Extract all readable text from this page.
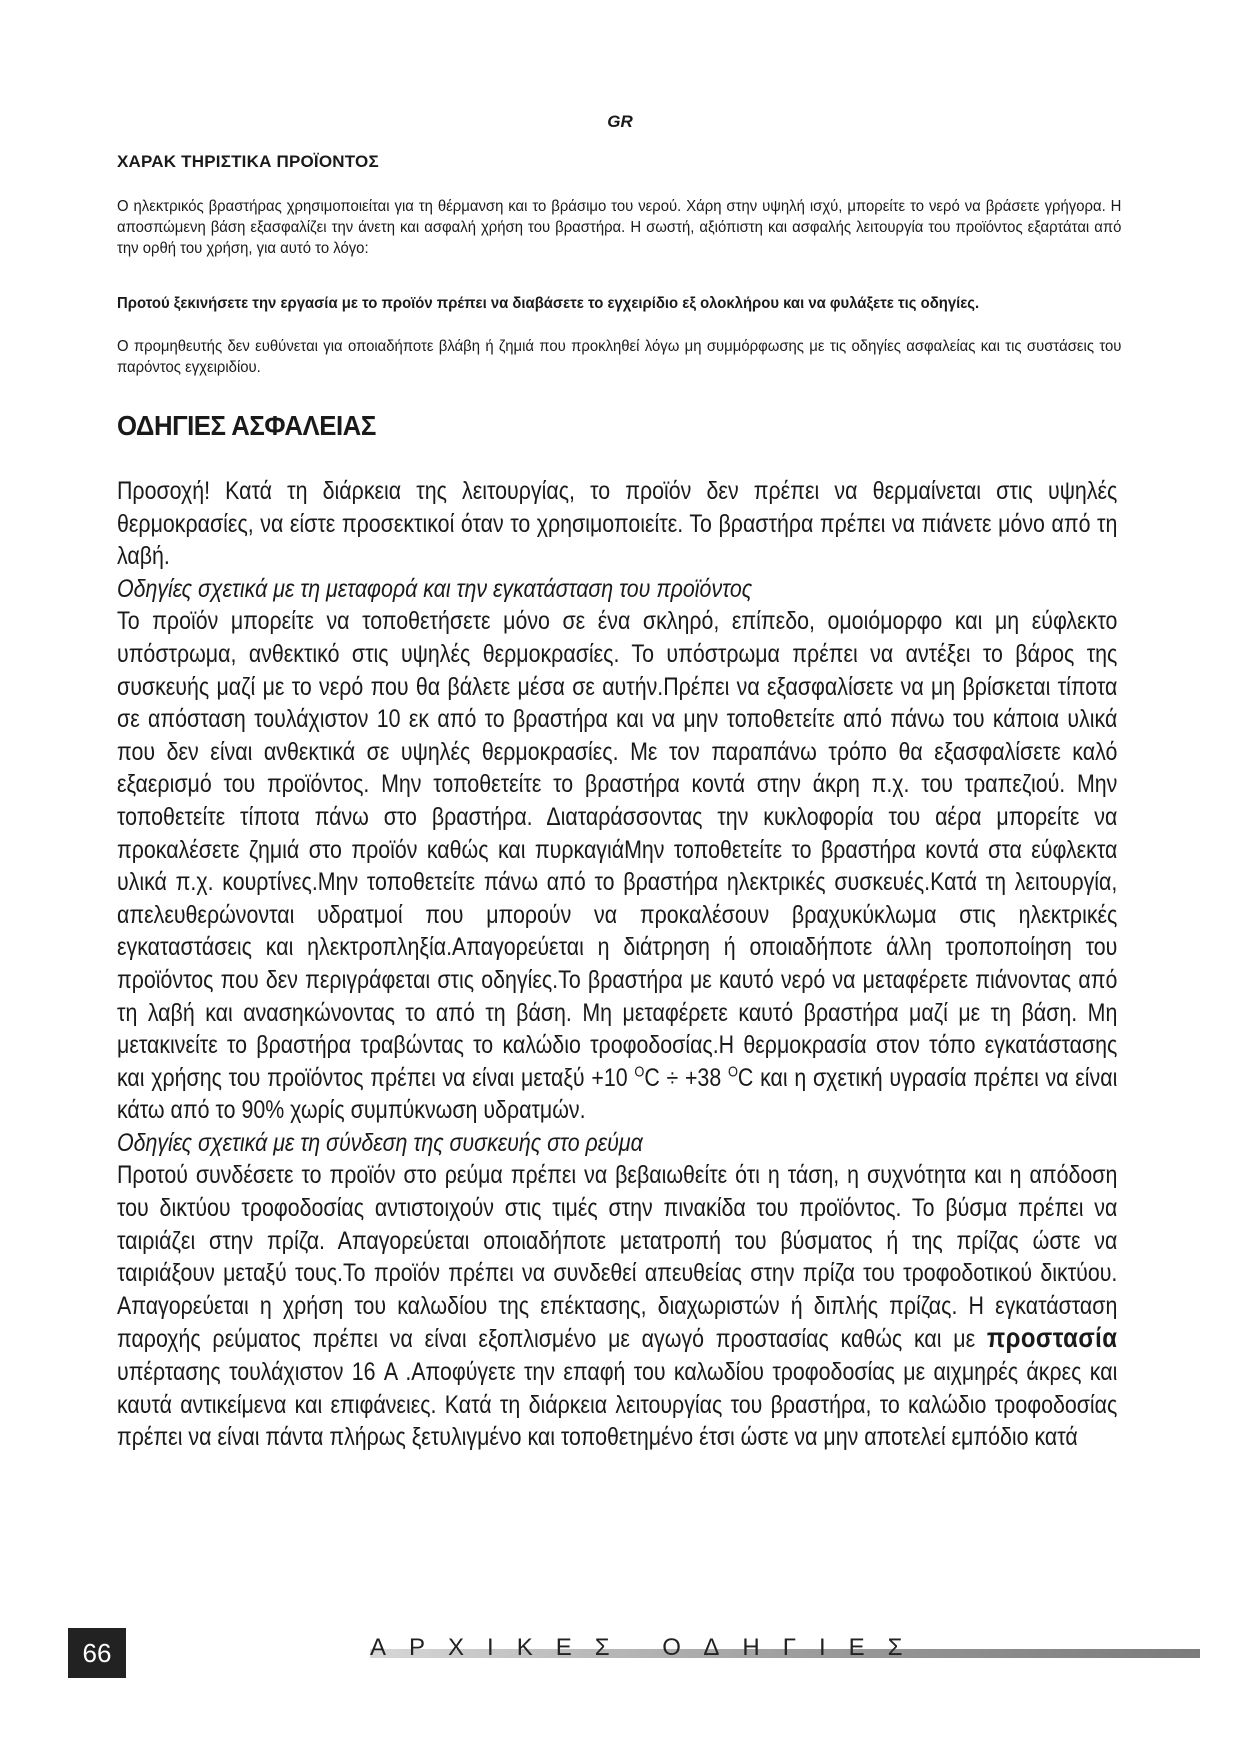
GR
ΧΑΡΑΚ ΤΗΡΙΣΤΙΚΑ ΠΡΟΪΟΝΤΟΣ
Ο ηλεκτρικός βραστήρας χρησιμοποιείται για τη θέρμανση και το βράσιμο του νερού. Χάρη στην υψηλή ισχύ, μπορείτε το νερό να βράσετε γρήγορα. Η αποσπώμενη βάση εξασφαλίζει την άνετη και ασφαλή χρήση του βραστήρα. Η σωστή, αξιόπιστη και ασφαλής λειτουργία του προϊόντος εξαρτάται από την ορθή του χρήση, για αυτό το λόγο:
Προτού ξεκινήσετε την εργασία με το προϊόν πρέπει να διαβάσετε το εγχειρίδιο εξ ολοκλήρου και να φυλάξετε τις οδηγίες.
Ο προμηθευτής δεν ευθύνεται για οποιαδήποτε βλάβη ή ζημιά που προκληθεί λόγω μη συμμόρφωσης με τις οδηγίες ασφαλείας και τις συστάσεις του παρόντος εγχειριδίου.
ΟΔΗΓΙΕΣ ΑΣΦΑΛΕΙΑΣ

Προσοχή! Κατά τη διάρκεια της λειτουργίας, το προϊόν δεν πρέπει να θερμαίνεται στις υψηλές θερμοκρασίες, να είστε προσεκτικοί όταν το χρησιμοποιείτε. Το βραστήρα πρέπει να πιάνετε μόνο από τη λαβή.

Οδηγίες σχετικά με τη μεταφορά και την εγκατάσταση του προϊόντος

Το προϊόν μπορείτε να τοποθετήσετε μόνο σε ένα σκληρό, επίπεδο, ομοιόμορφο και μη εύφλεκτο υπόστρωμα, ανθεκτικό στις υψηλές θερμοκρασίες. Το υπόστρωμα πρέπει να αντέξει το βάρος της συσκευής μαζί με το νερό που θα βάλετε μέσα σε αυτήν.Πρέπει να εξασφαλίσετε να μη βρίσκεται τίποτα σε απόσταση τουλάχιστον 10 εκ από το βραστήρα και να μην τοποθετείτε από πάνω του κάποια υλικά που δεν είναι ανθεκτικά σε υψηλές θερμοκρασίες. Με τον παραπάνω τρόπο θα εξασφαλίσετε καλό εξαερισμό του προϊόντος. Μην τοποθετείτε το βραστήρα κοντά στην άκρη π.χ. του τραπεζιού. Μην τοποθετείτε τίποτα πάνω στο βραστήρα. Διαταράσσοντας την κυκλοφορία του αέρα μπορείτε να προκαλέσετε ζημιά στο προϊόν καθώς και πυρκαγιάΜην τοποθετείτε το βραστήρα κοντά στα εύφλεκτα υλικά π.χ. κουρτίνες.Μην τοποθετείτε πάνω από το βραστήρα ηλεκτρικές συσκευές.Κατά τη λειτουργία, απελευθερώνονται υδρατμοί που μπορούν να προκαλέσουν βραχυκύκλωμα στις ηλεκτρικές εγκαταστάσεις και ηλεκτροπληξία.Απαγορεύεται η διάτρηση ή οποιαδήποτε άλλη τροποποίηση του προϊόντος που δεν περιγράφεται στις οδηγίες.Το βραστήρα με καυτό νερό να μεταφέρετε πιάνοντας από τη λαβή και ανασηκώνοντας το από τη βάση. Μη μεταφέρετε καυτό βραστήρα μαζί με τη βάση. Μη μετακινείτε το βραστήρα τραβώντας το καλώδιο τροφοδοσίας.Η θερμοκρασία στον τόπο εγκατάστασης και χρήσης του προϊόντος πρέπει να είναι μεταξύ +10 $^O$C ÷ +38 $^O$C και η σχετική υγρασία πρέπει να είναι κάτω από το 90% χωρίς συμπύκνωση υδρατμών.

Οδηγίες σχετικά με τη σύνδεση της συσκευής στο ρεύμα

Προτού συνδέσετε το προϊόν στο ρεύμα πρέπει να βεβαιωθείτε ότι η τάση, η συχνότητα και η απόδοση του δικτύου τροφοδοσίας αντιστοιχούν στις τιμές στην πινακίδα του προϊόντος. Το βύσμα πρέπει να ταιριάζει στην πρίζα. Απαγορεύεται οποιαδήποτε μετατροπή του βύσματος ή της πρίζας ώστε να ταιριάξουν μεταξύ τους.Το προϊόν πρέπει να συνδεθεί απευθείας στην πρίζα του τροφοδοτικού δικτύου. Απαγορεύεται η χρήση του καλωδίου της επέκτασης, διαχωριστών ή διπλής πρίζας. Η εγκατάσταση παροχής ρεύματος πρέπει να είναι εξοπλισμένο με αγωγό προστασίας καθώς και με προστασία υπέρτασης τουλάχιστον 16 A .Αποφύγετε την επαφή του καλωδίου τροφοδοσίας με αιχμηρές άκρες και καυτά αντικείμενα και επιφάνειες. Κατά τη διάρκεια λειτουργίας του βραστήρα, το καλώδιο τροφοδοσίας πρέπει να είναι πάντα πλήρως ξετυλιγμένο και τοποθετημένο έτσι ώστε να μην αποτελεί εμπόδιο κατά

66	ΑΡΧΙΚΕΣ ΟΔΗΓΙΕΣ
